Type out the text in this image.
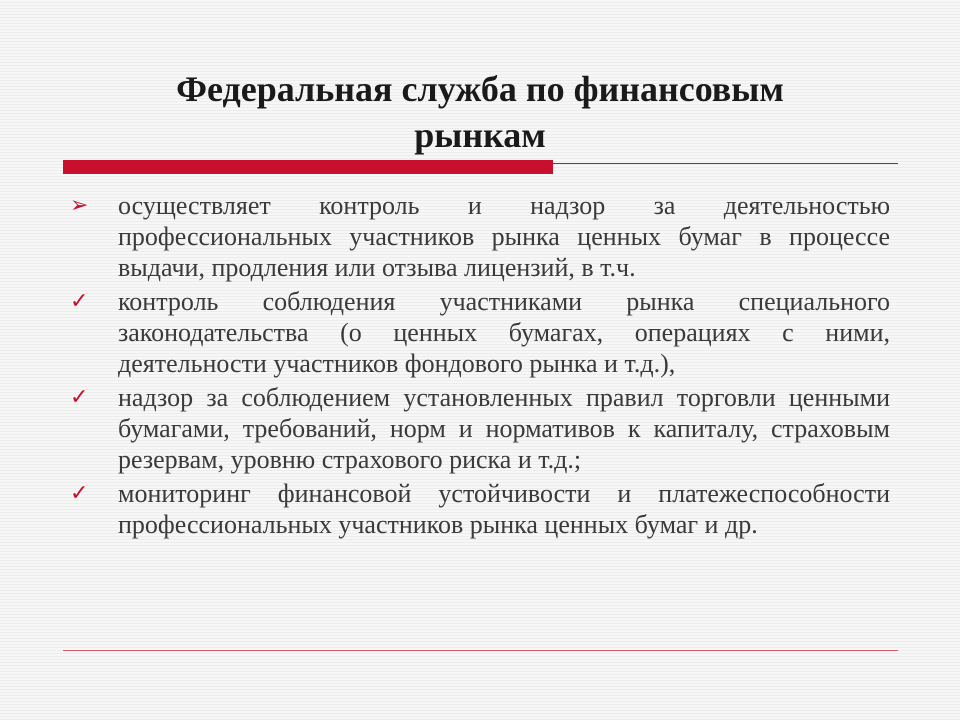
Федеральная служба по финансовым
рынкам
➢	осуществляет контроль и надзор за деятельностью профессиональных участников рынка ценных бумаг в процессе выдачи, продления или отзыва лицензий, в т.ч.
✓	контроль соблюдения участниками рынка специального законодательства (о ценных бумагах, операциях с ними, деятельности участников фондового рынка и т.д.),
✓	надзор за соблюдением установленных правил торговли ценными бумагами, требований, норм и нормативов к капиталу, страховым резервам, уровню страхового риска и т.д.;
✓	мониторинг финансовой устойчивости и платежеспособности профессиональных участников рынка ценных бумаг и др.
